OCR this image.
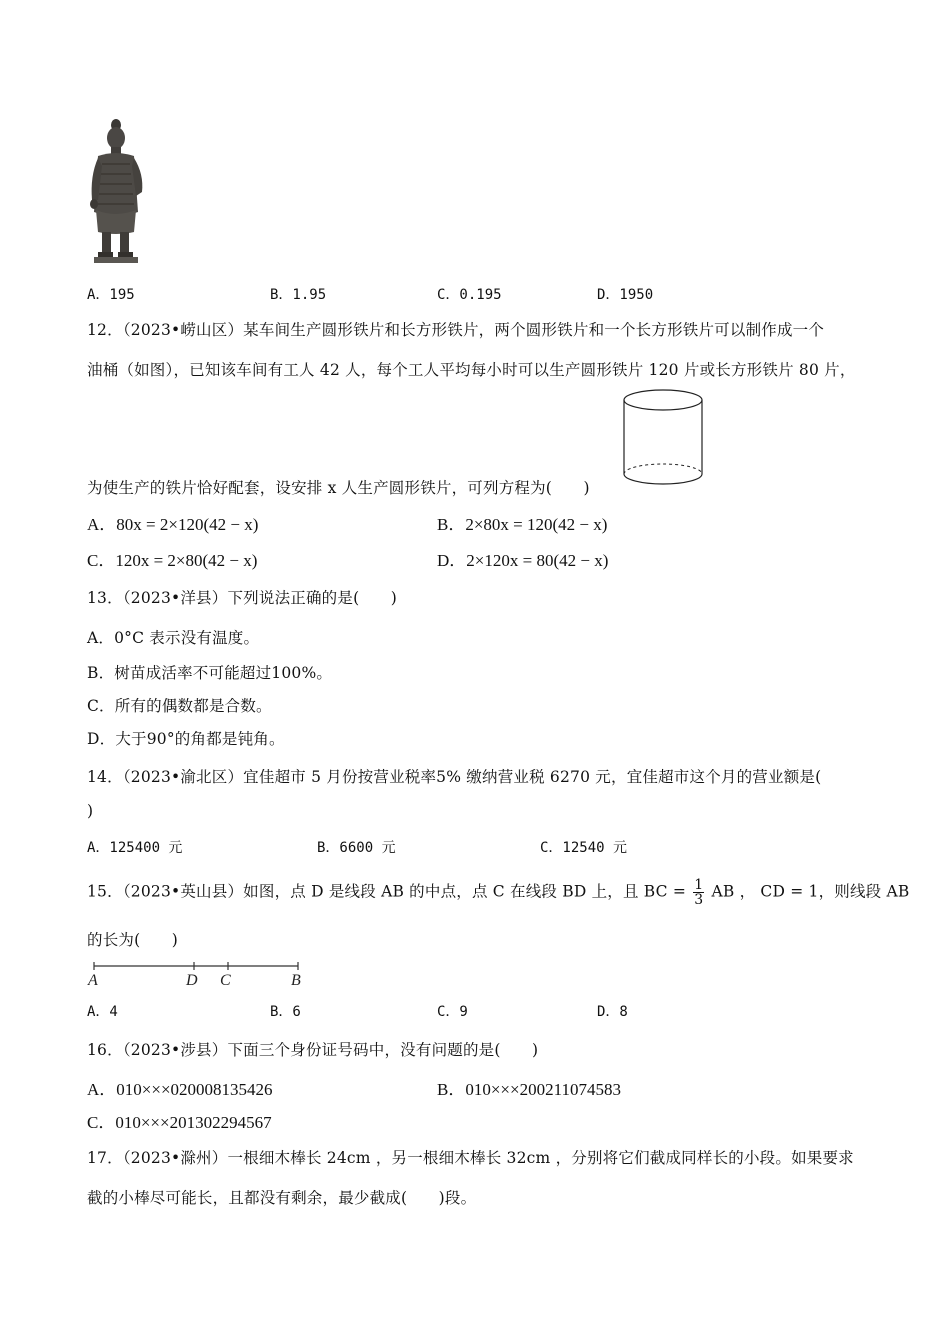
A．195	B．1.95	C．0.195	D．1950
12．（2023•崂山区）某车间生产圆形铁片和长方形铁片，两个圆形铁片和一个长方形铁片可以制作成一个
油桶（如图），已知该车间有工人 42 人，每个工人平均每小时可以生产圆形铁片 120 片或长方形铁片 80 片，
为使生产的铁片恰好配套，设安排 x 人生产圆形铁片，可列方程为(　　)
A．80x = 2×120(42 − x)	B．2×80x = 120(42 − x)
C．120x = 2×80(42 − x)	D．2×120x = 80(42 − x)
13．（2023•洋县）下列说法正确的是(　　)
A．0°C 表示没有温度。
B．树苗成活率不可能超过100%。
C．所有的偶数都是合数。
D．大于90°的角都是钝角。
14．（2023•渝北区）宜佳超市 5 月份按营业税率5% 缴纳营业税 6270 元，宜佳超市这个月的营业额是(
)
A．125400 元	B．6600 元	C．12540 元
15．（2023•英山县）如图，点 D 是线段 AB 的中点，点 C 在线段 BD 上，且 BC = $\frac{1}{3}$ AB ， CD = 1，则线段 AB
的长为(　　)
A	D C	B
A．4	B．6	C．9	D．8
16．（2023•涉县）下面三个身份证号码中，没有问题的是(　　)
A．010×××020008135426	B．010×××200211074583
C．010×××201302294567
17．（2023•滁州）一根细木棒长 24cm ，另一根细木棒长 32cm ，分别将它们截成同样长的小段。如果要求
截的小棒尽可能长，且都没有剩余，最少截成(　　)段。
